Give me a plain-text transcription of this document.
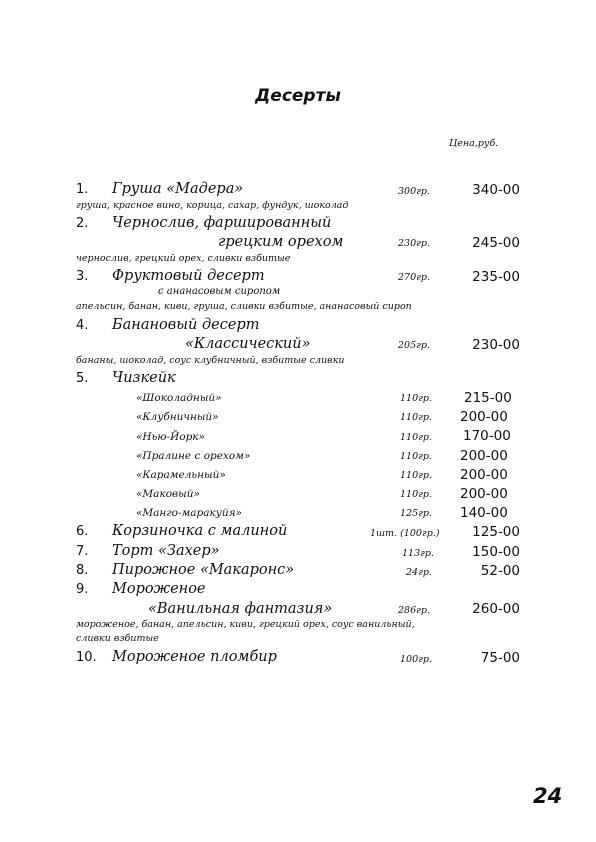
Десерты
Цена,руб.
1. Груша «Мадера»	300гр.	340-00
груша, красное вино, корица, сахар, фундук, шоколад
2. Чернослив, фаршированный
грецким орехом	230гр.	245-00
чернослив, грецкий орех, сливки взбитые
3. Фруктовый десерт	270гр.	235-00
с ананасовым сиропом
апельсин, банан, киви, груша, сливки взбитые, ананасовый сироп
4. Банановый десерт
«Классический»	205гр.	230-00
бананы, шоколад, соус клубничный, взбитые сливки
5. Чизкейк
«Шоколадный»	110гр. 215-00
«Клубничный»	110гр. 200-00
«Нью-Йорк»	110гр. 170-00
«Пралине с орехом»	110гр. 200-00
«Карамельный»	110гр. 200-00
«Маковый»	110гр. 200-00
«Манго-маракуйя»	125гр. 140-00
6. Корзиночка с малиной	1шт. (100гр.) 125-00
7. Торт «Захер»	113гр.	150-00
8. Пирожное «Макаронс»	24гр.	52-00
9. Мороженое
«Ванильная фантазия»	286гр.	260-00
мороженое, банан, апельсин, киви, грецкий орех, соус ванильный,
сливки взбитые
10. Мороженое пломбир	100гр.	75-00
24
